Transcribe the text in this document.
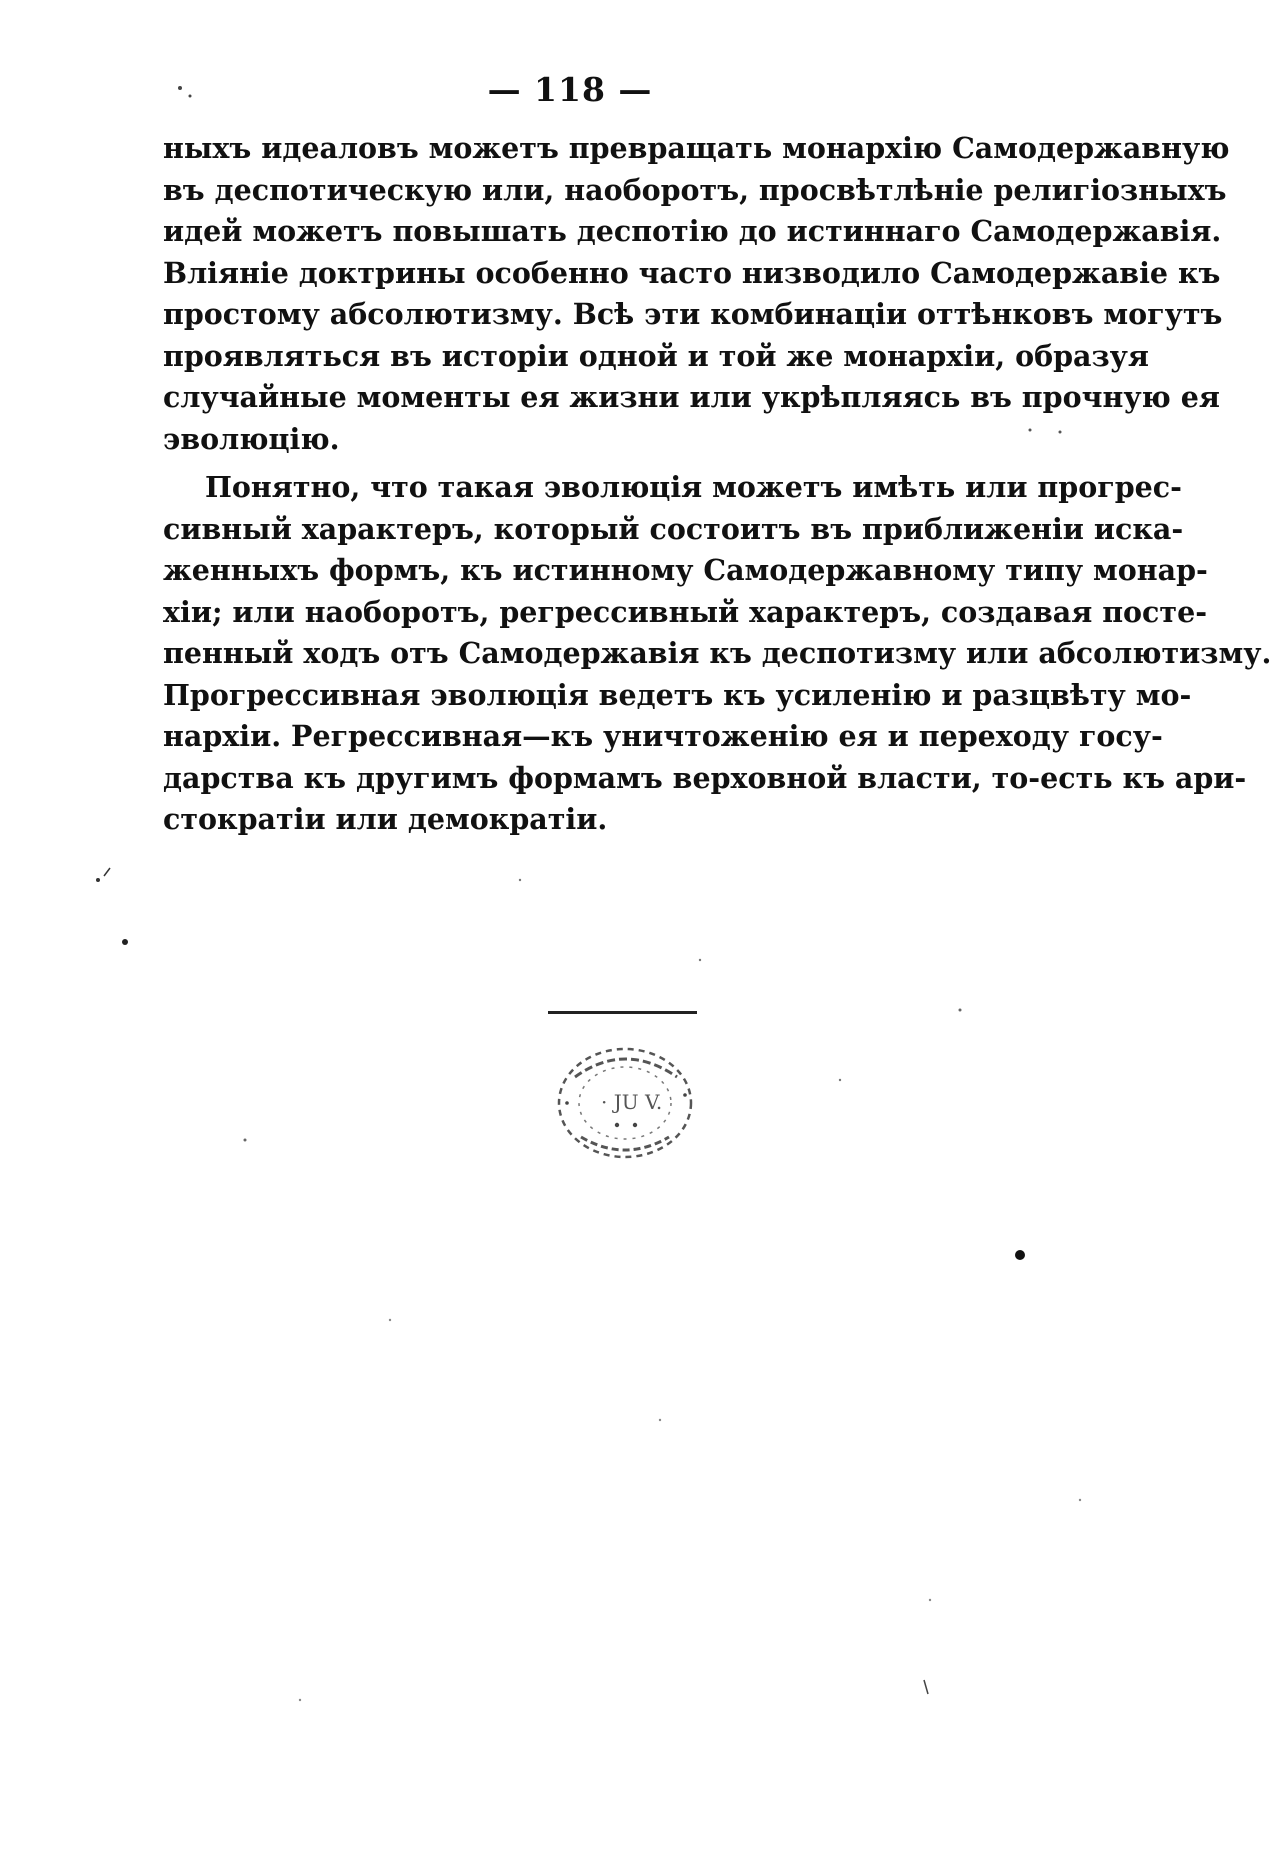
— 118 —
ныхъ идеаловъ можетъ превращать монархію Самодержавную
въ деспотическую или, наоборотъ, просвѣтлѣніе религіозныхъ
идей можетъ повышать деспотію до истиннаго Самодержавія.
Вліяніе доктрины особенно часто низводило Самодержавіе къ
простому абсолютизму. Всѣ эти комбинаціи оттѣнковъ могутъ
проявляться въ исторіи одной и той же монархіи, образуя
случайные моменты ея жизни или укрѣпляясь въ прочную ея
эволюцію.
Понятно, что такая эволюція можетъ имѣть или прогрес-
сивный характеръ, который состоитъ въ приближеніи иска-
женныхъ формъ, къ истинному Самодержавному типу монар-
хіи; или наоборотъ, регрессивный характеръ, создавая посте-
пенный ходъ отъ Самодержавія къ деспотизму или абсолютизму.
Прогрессивная эволюція ведетъ къ усиленію и разцвѣту мо-
нархіи. Регрессивная—къ уничтоженію ея и переходу госу-
дарства къ другимъ формамъ верховной власти, то-есть къ ари-
стократіи или демократіи.
· ЈU V.
